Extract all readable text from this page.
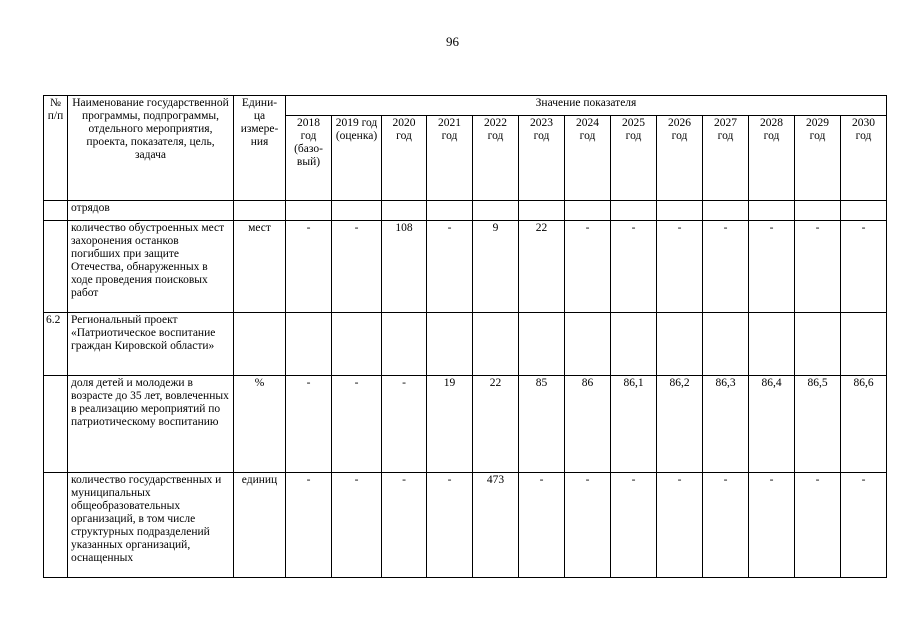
96
№ п/п	Наименование государственной программы, подпрограммы, отдельного мероприятия, проекта, показателя, цель, задача	Едини-ца измере-ния	Значение показателя												
			2018 год (базо-вый)	2019 год (оценка)	2020 год	2021 год	2022 год	2023 год	2024 год	2025 год	2026 год	2027 год	2028 год	2029 год	2030 год
	отрядов														
	количество обустроенных мест захоронения останков погибших при защите Отечества, обнаруженных в ходе проведения поисковых работ	мест	-	-	108	-	9	22	-	-	-	-	-	-	-
6.2	Региональный проект «Патриотическое воспитание граждан Кировской области»														
	доля детей и молодежи в возрасте до 35 лет, вовлеченных в реализацию мероприятий по патриотическому воспитанию	%	-	-	-	19	22	85	86	86,1	86,2	86,3	86,4	86,5	86,6
	количество государственных и муниципальных общеобразовательных организаций, в том числе структурных подразделений указанных организаций, оснащенных	единиц	-	-	-	-	473	-	-	-	-	-	-	-	-
